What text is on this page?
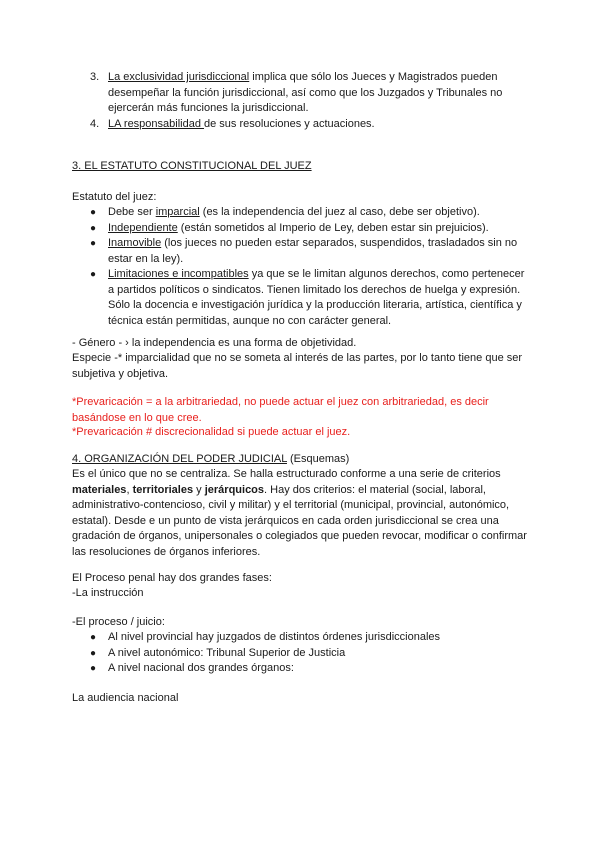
3. La exclusividad jurisdiccional implica que sólo los Jueces y Magistrados pueden desempeñar la función jurisdiccional, así como que los Juzgados y Tribunales no ejercerán más funciones la jurisdiccional.
4. LA responsabilidad de sus resoluciones y actuaciones.
3. EL ESTATUTO CONSTITUCIONAL DEL JUEZ
Estatuto del juez:
● Debe ser imparcial (es la independencia del juez al caso, debe ser objetivo).
● Independiente (están sometidos al Imperio de Ley, deben estar sin prejuicios).
● Inamovible (los jueces no pueden estar separados, suspendidos, trasladados sin no estar en la ley).
● Limitaciones e incompatibles ya que se le limitan algunos derechos, como pertenecer a partidos políticos o sindicatos. Tienen limitado los derechos de huelga y expresión. Sólo la docencia e investigación jurídica y la producción literaria, artística, científica y técnica están permitidas, aunque no con carácter general.
- Género - › la independencia es una forma de objetividad.
Especie -* imparcialidad que no se someta al interés de las partes, por lo tanto tiene que ser subjetiva y objetiva.
*Prevaricación = a la arbitrariedad, no puede actuar el juez con arbitrariedad, es decir basándose en lo que cree.
*Prevaricación # discrecionalidad si puede actuar el juez.
4. ORGANIZACIÓN DEL PODER JUDICIAL (Esquemas)
Es el único que no se centraliza. Se halla estructurado conforme a una serie de criterios materiales, territoriales y jerárquicos. Hay dos criterios: el material (social, laboral, administrativo-contencioso, civil y militar) y el territorial (municipal, provincial, autonómico, estatal). Desde e un punto de vista jerárquicos en cada orden jurisdiccional se crea una gradación de órganos, unipersonales o colegiados que pueden revocar, modificar o confirmar las resoluciones de órganos inferiores.
El Proceso penal hay dos grandes fases:
-La instrucción
-El proceso / juicio:
● Al nivel provincial hay juzgados de distintos órdenes jurisdiccionales
● A nivel autonómico: Tribunal Superior de Justicia
● A nivel nacional dos grandes órganos:
La audiencia nacional
